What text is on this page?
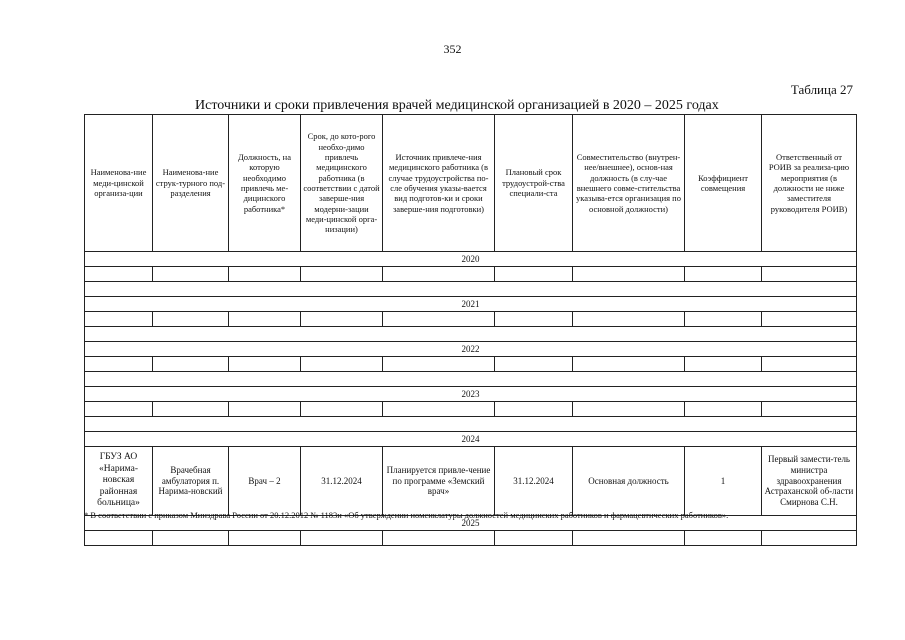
352
Таблица 27
Источники и сроки привлечения врачей медицинской организацией в 2020 – 2025 годах
Наименова-ние меди-цинской организа-ции	Наименова-ние струк-турного под-разделения	Должность, на которую необходимо привлечь ме-дицинского работника*	Срок, до кото-рого необхо-димо привлечь медицинского работника (в соответствии с датой заверше-ния модерни-зации меди-цинской орга-низации)	Источник привлече-ния медицинского работника (в случае трудоустройства по-сле обучения указы-вается вид подготов-ки и сроки заверше-ния подготовки)	Плановый срок трудоустрой-ства специали-ста	Совместительство (внутрен-нее/внешнее), основ-ная должность (в слу-чае внешнего совме-стительства указыва-ется организация по основной должности)	Коэффициент совмещения	Ответственный от РОИВ за реализа-цию мероприятия (в должности не ниже заместителя руководителя РОИВ)
2020								

2021								

2022								

2023								

2024								
ГБУЗ АО «Нарима-новская районная больница»	Врачебная амбулатория п. Нарима-новский	Врач – 2	31.12.2024	Планируется привле-чение по программе «Земский врач»	31.12.2024	Основная должность	1	Первый замести-тель министра здравоохранения Астраханской об-ласти Смирнова С.Н.
2025								

* В соответствии с приказом Минздрава России от 20.12.2012 № 1183н «Об утверждении номенклатуры должностей медицинских работников и фармацевтических работников».
